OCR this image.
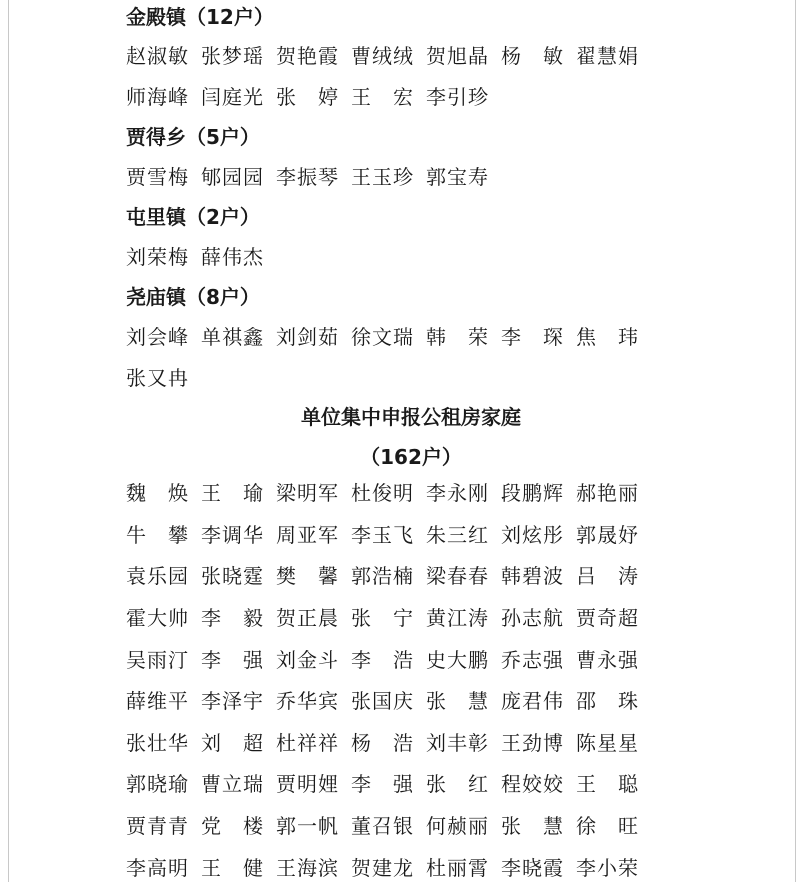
金殿镇（12户）
赵淑敏 张梦瑶 贺艳霞 曹绒绒 贺旭晶 杨　敏 翟慧娟
师海峰 闫庭光 张　婷 王　宏 李引珍
贾得乡（5户）
贾雪梅 郇园园 李振琴 王玉珍 郭宝寿
屯里镇（2户）
刘荣梅 薛伟杰
尧庙镇（8户）
刘会峰 单祺鑫 刘剑茹 徐文瑞 韩　荣 李　琛 焦　玮
张又冉
单位集中申报公租房家庭
（162户）
魏　焕 王　瑜 梁明军 杜俊明 李永刚 段鹏辉 郝艳丽
牛　攀 李调华 周亚军 李玉飞 朱三红 刘炫彤 郭晟妤
袁乐园 张晓霆 樊　馨 郭浩楠 梁春春 韩碧波 吕　涛
霍大帅 李　毅 贺正晨 张　宁 黄江涛 孙志航 贾奇超
吴雨汀 李　强 刘金斗 李　浩 史大鹏 乔志强 曹永强
薛维平 李泽宇 乔华宾 张国庆 张　慧 庞君伟 邵　珠
张壮华 刘　超 杜祥祥 杨　浩 刘丰彰 王劲博 陈星星
郭晓瑜 曹立瑞 贾明娌 李　强 张　红 程姣姣 王　聪
贾青青 党　楼 郭一帆 董召银 何赪丽 张　慧 徐　旺
李高明 王　健 王海滨 贺建龙 杜丽霄 李晓霞 李小荣
